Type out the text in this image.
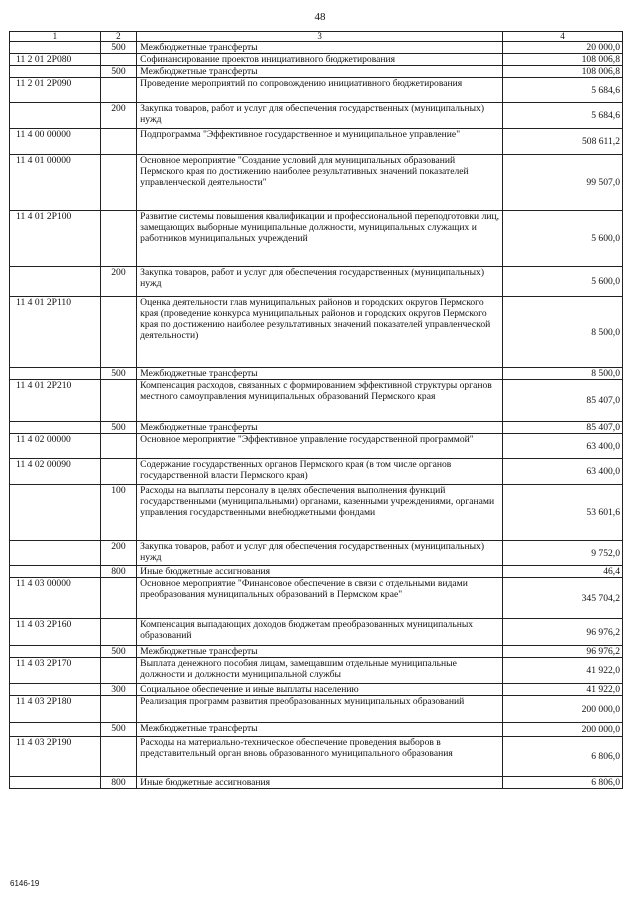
48
1	2	3	4
	500	Межбюджетные трансферты	20 000,0
11 2 01 2P080		Софинансирование проектов инициативного бюджетирования	108 006,8
	500	Межбюджетные трансферты	108 006,8
11 2 01 2P090		Проведение мероприятий по сопровождению инициативного бюджетирования	5 684,6
	200	Закупка товаров, работ и услуг для обеспечения государственных (муниципальных) нужд	5 684,6
11 4 00 00000		Подпрограмма "Эффективное государственное и муниципальное управление"	508 611,2
11 4 01 00000		Основное мероприятие "Создание условий для муниципальных образований Пермского края по достижению наиболее результативных значений показателей управленческой деятельности"	99 507,0
11 4 01 2P100		Развитие системы повышения квалификации и профессиональной переподготовки лиц, замещающих выборные муниципальные должности, муниципальных служащих и работников муниципальных учреждений	5 600,0
	200	Закупка товаров, работ и услуг для обеспечения государственных (муниципальных) нужд	5 600,0
11 4 01 2P110		Оценка деятельности глав муниципальных районов и городских округов Пермского края (проведение конкурса муниципальных районов и городских округов Пермского края по достижению наиболее результативных значений показателей управленческой деятельности)	8 500,0
	500	Межбюджетные трансферты	8 500,0
11 4 01 2P210		Компенсация расходов, связанных с формированием эффективной структуры органов местного самоуправления муниципальных образований Пермского края	85 407,0
	500	Межбюджетные трансферты	85 407,0
11 4 02 00000		Основное мероприятие "Эффективное управление государственной программой"	63 400,0
11 4 02 00090		Содержание государственных органов Пермского края (в том числе органов государственной власти Пермского края)	63 400,0
	100	Расходы на выплаты персоналу в целях обеспечения выполнения функций государственными (муниципальными) органами, казенными учреждениями, органами управления государственными внебюджетными фондами	53 601,6
	200	Закупка товаров, работ и услуг для обеспечения государственных (муниципальных) нужд	9 752,0
	800	Иные бюджетные ассигнования	46,4
11 4 03 00000		Основное мероприятие "Финансовое обеспечение в связи с отдельными видами преобразования муниципальных образований в Пермском крае"	345 704,2
11 4 03 2P160		Компенсация выпадающих доходов бюджетам преобразованных муниципальных образований	96 976,2
	500	Межбюджетные трансферты	96 976,2
11 4 03 2P170		Выплата денежного пособия лицам, замещавшим отдельные муниципальные должности и должности муниципальной службы	41 922,0
	300	Социальное обеспечение и иные выплаты населению	41 922,0
11 4 03 2P180		Реализация программ развития преобразованных муниципальных образований	200 000,0
	500	Межбюджетные трансферты	200 000,0
11 4 03 2P190		Расходы на материально-техническое обеспечение проведения выборов в представительный орган вновь образованного муниципального образования	6 806,0
	800	Иные бюджетные ассигнования	6 806,0
6146-19
